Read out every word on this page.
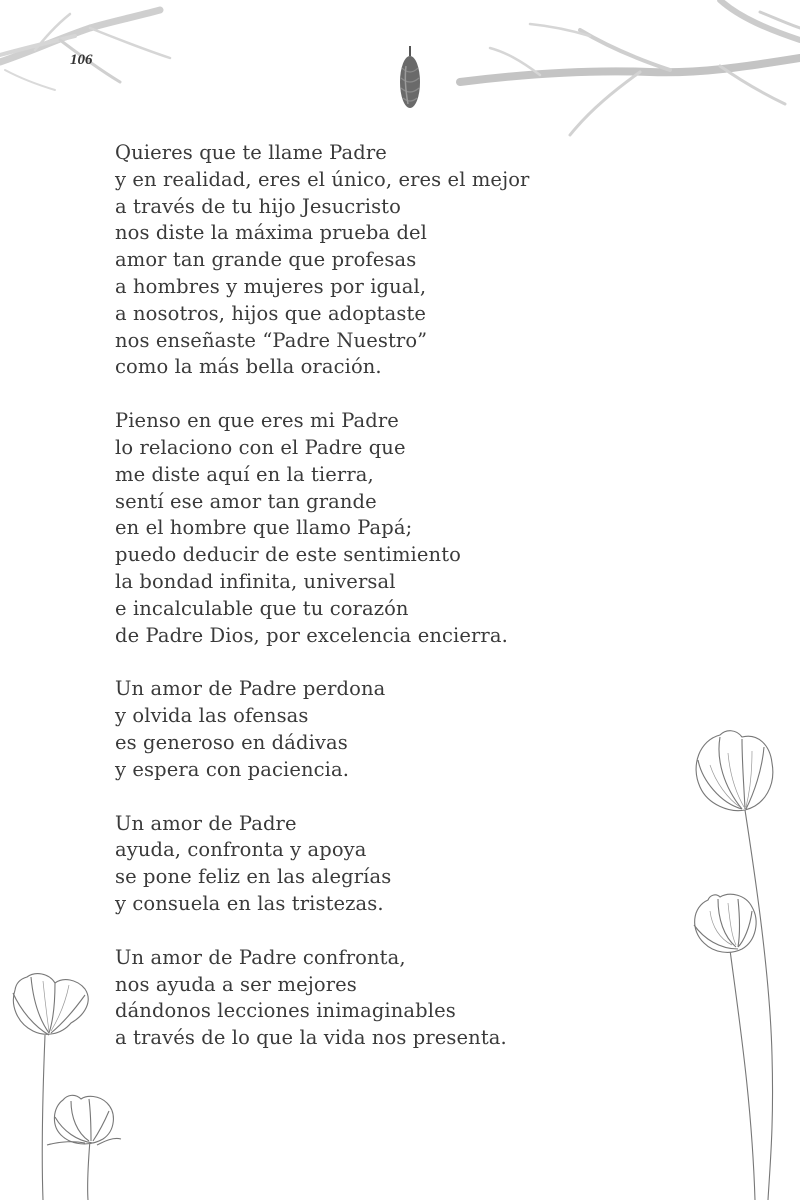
106
Quieres que te llame Padre
y en realidad, eres el único, eres el mejor
a través de tu hijo Jesucristo
nos diste la máxima prueba del
amor tan grande que profesas
a hombres y mujeres por igual,
a nosotros, hijos que adoptaste
nos enseñaste “Padre Nuestro”
como la más bella oración.
Pienso en que eres mi Padre
lo relaciono con el Padre que
me diste aquí en la tierra,
sentí ese amor tan grande
en el hombre que llamo Papá;
puedo deducir de este sentimiento
la bondad infinita, universal
e incalculable que tu corazón
de Padre Dios, por excelencia encierra.
Un amor de Padre perdona
y olvida las ofensas
es generoso en dádivas
y espera con paciencia.
Un amor de Padre
ayuda, confronta y apoya
se pone feliz en las alegrías
y consuela en las tristezas.
Un amor de Padre confronta,
nos ayuda a ser mejores
dándonos lecciones inimaginables
a través de lo que la vida nos presenta.
